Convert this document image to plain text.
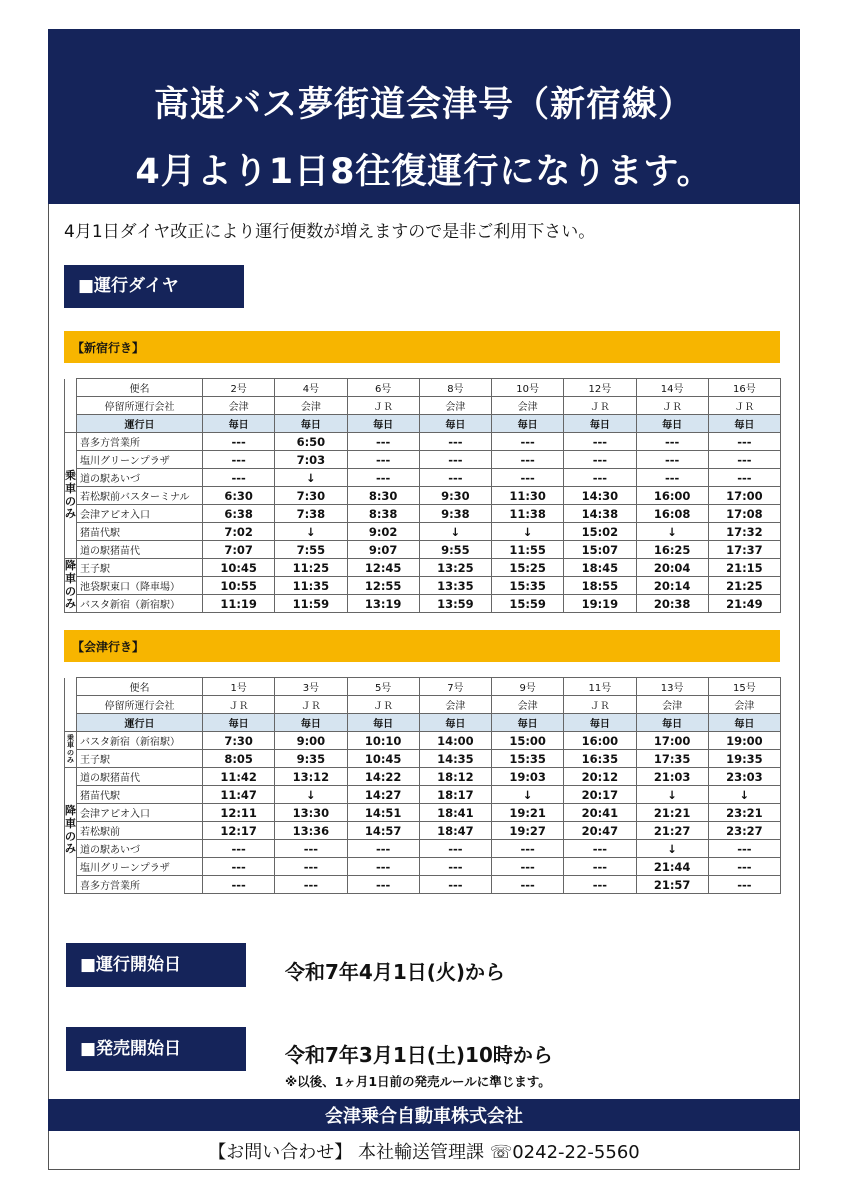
高速バス夢街道会津号（新宿線）
4月より1日8往復運行になります。
4月1日ダイヤ改正により運行便数が増えますので是非ご利用下さい。
■運行ダイヤ
【新宿行き】
	便名	2号	4号	6号	8号	10号	12号	14号	16号
	停留所運行会社	会津	会津	ＪＲ	会津	会津	ＪＲ	ＪＲ	ＪＲ
	運行日	毎日	毎日	毎日	毎日	毎日	毎日	毎日	毎日
乗車のみ	喜多方営業所	---	6:50	---	---	---	---	---	---
	塩川グリーンプラザ	---	7:03	---	---	---	---	---	---
	道の駅あいづ	---	↓	---	---	---	---	---	---
	若松駅前バスターミナル	6:30	7:30	8:30	9:30	11:30	14:30	16:00	17:00
	会津アピオ入口	6:38	7:38	8:38	9:38	11:38	14:38	16:08	17:08
	猪苗代駅	7:02	↓	9:02	↓	↓	15:02	↓	17:32
	道の駅猪苗代	7:07	7:55	9:07	9:55	11:55	15:07	16:25	17:37
降車のみ	王子駅	10:45	11:25	12:45	13:25	15:25	18:45	20:04	21:15
	池袋駅東口（降車場）	10:55	11:35	12:55	13:35	15:35	18:55	20:14	21:25
	バスタ新宿（新宿駅）	11:19	11:59	13:19	13:59	15:59	19:19	20:38	21:49
【会津行き】
	便名	1号	3号	5号	7号	9号	11号	13号	15号
	停留所運行会社	ＪＲ	ＪＲ	ＪＲ	会津	会津	ＪＲ	会津	会津
	運行日	毎日	毎日	毎日	毎日	毎日	毎日	毎日	毎日
乗車のみ	バスタ新宿（新宿駅）	7:30	9:00	10:10	14:00	15:00	16:00	17:00	19:00
	王子駅	8:05	9:35	10:45	14:35	15:35	16:35	17:35	19:35
降車のみ	道の駅猪苗代	11:42	13:12	14:22	18:12	19:03	20:12	21:03	23:03
	猪苗代駅	11:47	↓	14:27	18:17	↓	20:17	↓	↓
	会津アピオ入口	12:11	13:30	14:51	18:41	19:21	20:41	21:21	23:21
	若松駅前	12:17	13:36	14:57	18:47	19:27	20:47	21:27	23:27
	道の駅あいづ	---	---	---	---	---	---	↓	---
	塩川グリーンプラザ	---	---	---	---	---	---	21:44	---
	喜多方営業所	---	---	---	---	---	---	21:57	---
■運行開始日	令和7年4月1日(火)から
■発売開始日	令和7年3月1日(土)10時から
※以後、1ヶ月1日前の発売ルールに準じます。
会津乗合自動車株式会社
【お問い合わせ】 本社輸送管理課 ☏0242-22-5560
